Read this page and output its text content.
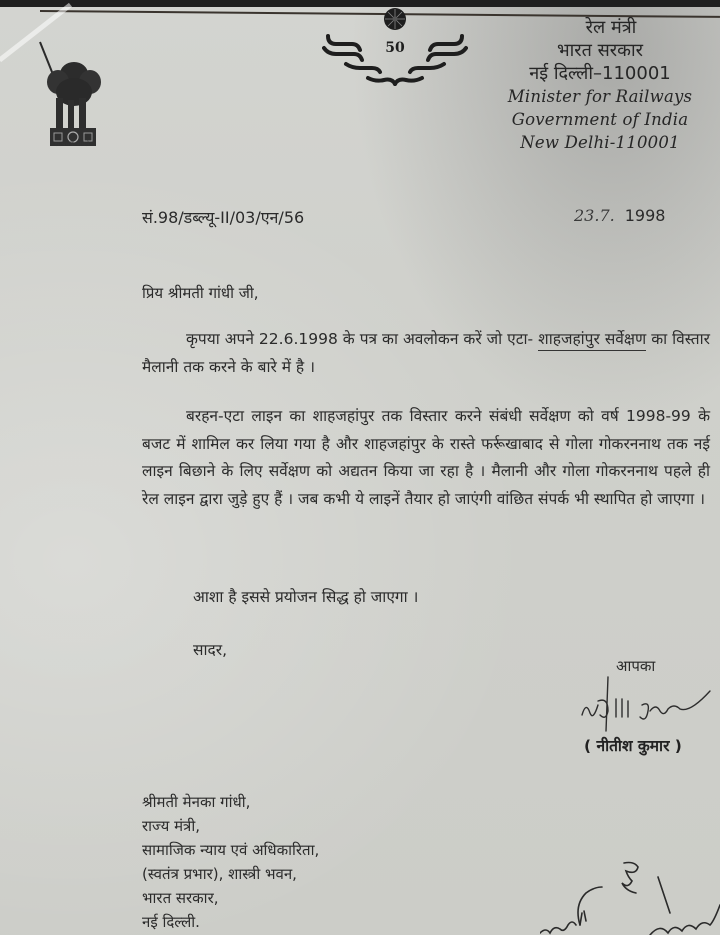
सत्यमेव जयते
50
रेल मंत्री
भारत सरकार
नई दिल्ली–110001
Minister for Railways
Government of India
New Delhi-110001
सं.98/डब्ल्यू-II/03/एन/56	23.7. 1998
प्रिय श्रीमती गांधी जी,
कृपया अपने 22.6.1998 के पत्र का अवलोकन करें जो एटा- शाहजहांपुर सर्वेक्षण का विस्तार मैलानी तक करने के बारे में है ।
बरहन-एटा लाइन का शाहजहांपुर तक विस्तार करने संबंधी सर्वेक्षण को वर्ष 1998-99 के बजट में शामिल कर लिया गया है और शाहजहांपुर के रास्ते फर्रूखाबाद से गोला गोकरननाथ तक नई लाइन बिछाने के लिए सर्वेक्षण को अद्यतन किया जा रहा है । मैलानी और गोला गोकरननाथ पहले ही रेल लाइन द्वारा जुड़े हुए हैं । जब कभी ये लाइनें तैयार हो जाएंगी वांछित संपर्क भी स्थापित हो जाएगा ।
आशा है इससे प्रयोजन सिद्ध हो जाएगा ।
सादर,
आपका
( नीतीश कुमार )
श्रीमती मेनका गांधी,
राज्य मंत्री,
सामाजिक न्याय एवं अधिकारिता,
(स्वतंत्र प्रभार), शास्त्री भवन,
भारत सरकार,
नई दिल्ली.
